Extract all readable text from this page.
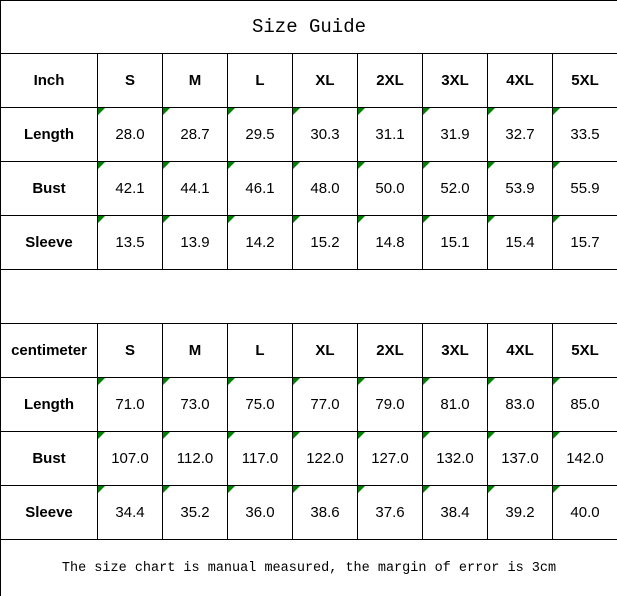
Size Guide								
Inch	S	M	L	XL	2XL	3XL	4XL	5XL
Length	28.0	28.7	29.5	30.3	31.1	31.9	32.7	33.5
Bust	42.1	44.1	46.1	48.0	50.0	52.0	53.9	55.9
Sleeve	13.5	13.9	14.2	15.2	14.8	15.1	15.4	15.7

centimeter	S	M	L	XL	2XL	3XL	4XL	5XL
Length	71.0	73.0	75.0	77.0	79.0	81.0	83.0	85.0
Bust	107.0	112.0	117.0	122.0	127.0	132.0	137.0	142.0
Sleeve	34.4	35.2	36.0	38.6	37.6	38.4	39.2	40.0
The size chart is manual measured, the margin of error is 3cm								
